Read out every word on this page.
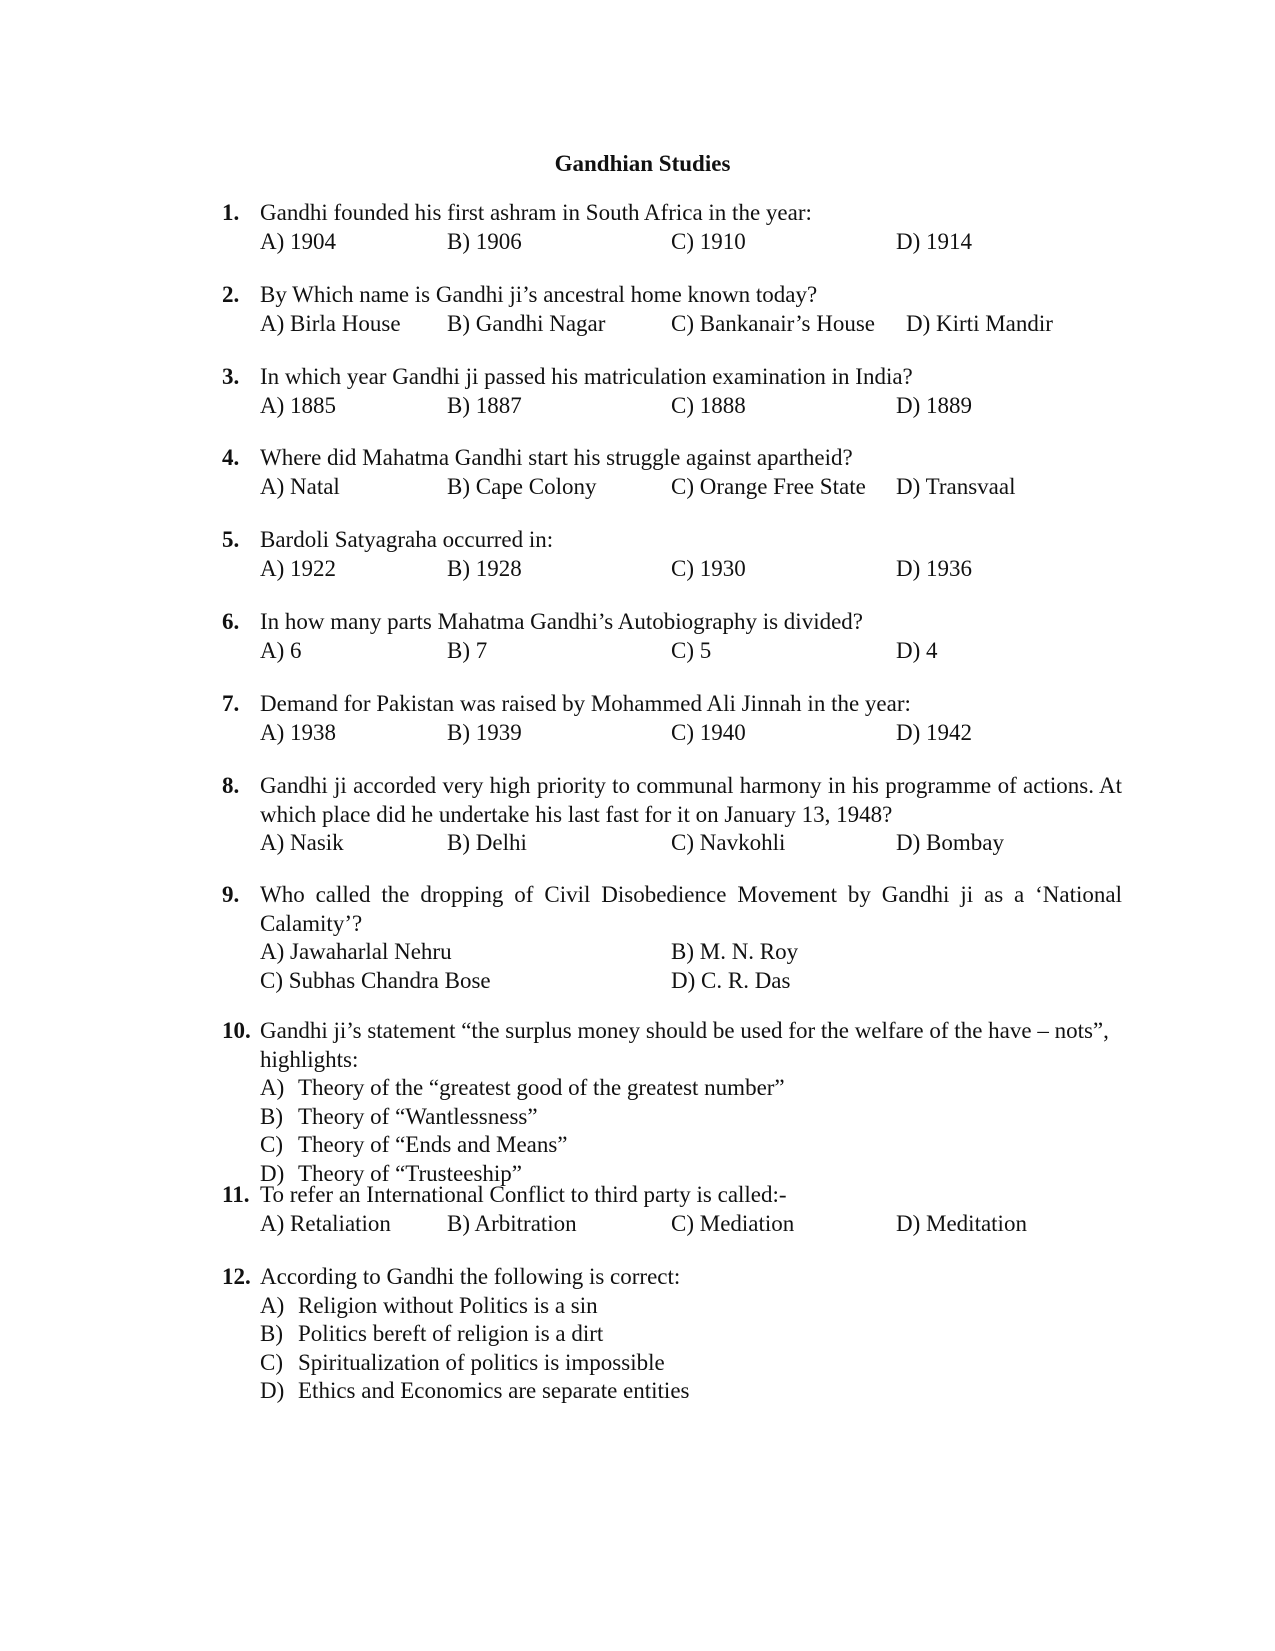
Gandhian Studies
1. Gandhi founded his first ashram in South Africa in the year:
A) 1904	B) 1906	C) 1910	D) 1914
2. By Which name is Gandhi ji’s ancestral home known today?
A) Birla House B) Gandhi Nagar	C) Bankanair’s House D) Kirti Mandir
3. In which year Gandhi ji passed his matriculation examination in India?
A) 1885	B) 1887	C) 1888	D) 1889
4. Where did Mahatma Gandhi start his struggle against apartheid?
A) Natal	B) Cape Colony	C) Orange Free State D) Transvaal
5. Bardoli Satyagraha occurred in:
A) 1922	B) 1928	C) 1930	D) 1936
6. In how many parts Mahatma Gandhi’s Autobiography is divided?
A) 6	B) 7	C) 5	D) 4
7. Demand for Pakistan was raised by Mohammed Ali Jinnah in the year:
A) 1938	B) 1939	C) 1940	D) 1942
8. Gandhi ji accorded very high priority to communal harmony in his programme of actions. At which place did he undertake his last fast for it on January 13, 1948?
A) Nasik	B) Delhi	C) Navkohli	D) Bombay
9. Who called the dropping of Civil Disobedience Movement by Gandhi ji as a ‘National Calamity’?
A) Jawaharlal Nehru	B) M. N. Roy
C) Subhas Chandra Bose	D) C. R. Das
10. Gandhi ji’s statement “the surplus money should be used for the welfare of the have – nots”, highlights:
A) Theory of the “greatest good of the greatest number”
B) Theory of “Wantlessness”
C) Theory of “Ends and Means”
D) Theory of “Trusteeship”
11. To refer an International Conflict to third party is called:-
A) Retaliation B) Arbitration	C) Mediation	D) Meditation
12. According to Gandhi the following is correct:
A) Religion without Politics is a sin
B) Politics bereft of religion is a dirt
C) Spiritualization of politics is impossible
D) Ethics and Economics are separate entities
